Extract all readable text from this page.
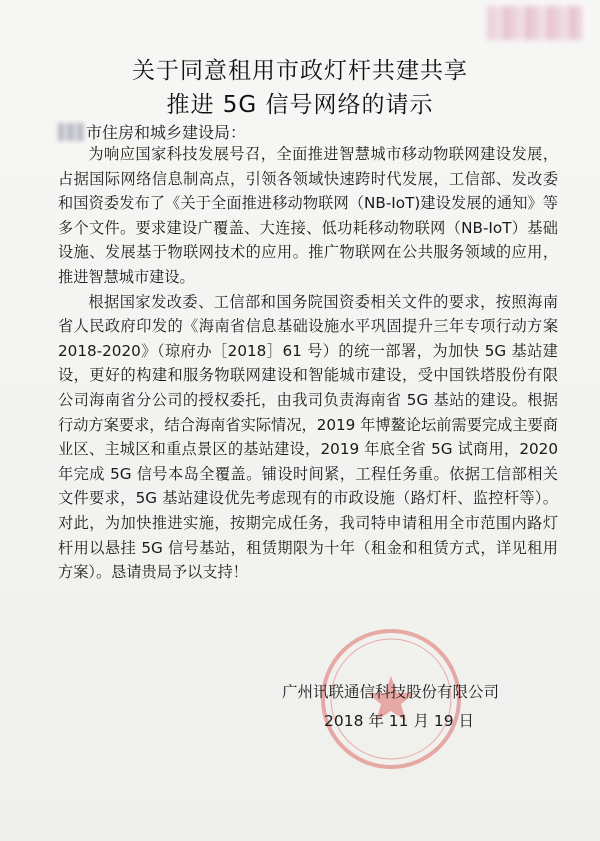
关于同意租用市政灯杆共建共享
推进 5G 信号网络的请示
市住房和城乡建设局：

为响应国家科技发展号召，全面推进智慧城市移动物联网建设发展，占据国际网络信息制高点，引领各领域快速跨时代发展，工信部、发改委和国资委发布了《关于全面推进移动物联网（NB-IoT)建设发展的通知》等多个文件。要求建设广覆盖、大连接、低功耗移动物联网（NB-IoT）基础设施、发展基于物联网技术的应用。推广物联网在公共服务领域的应用，推进智慧城市建设。

根据国家发改委、工信部和国务院国资委相关文件的要求，按照海南省人民政府印发的《海南省信息基础设施水平巩固提升三年专项行动方案 2018-2020》（琼府办［2018］61 号）的统一部署，为加快 5G 基站建设，更好的构建和服务物联网建设和智能城市建设，受中国铁塔股份有限公司海南省分公司的授权委托，由我司负责海南省 5G 基站的建设。根据行动方案要求，结合海南省实际情况，2019 年博鳌论坛前需要完成主要商业区、主城区和重点景区的基站建设，2019 年底全省 5G 试商用，2020 年完成 5G 信号本岛全覆盖。铺设时间紧，工程任务重。依据工信部相关文件要求，5G 基站建设优先考虑现有的市政设施（路灯杆、监控杆等）。对此，为加快推进实施，按期完成任务，我司特申请租用全市范围内路灯杆用以悬挂 5G 信号基站，租赁期限为十年（租金和租赁方式，详见租用方案）。恳请贵局予以支持！

广州讯联通信科技股份有限公司
2018 年 11 月 19 日
